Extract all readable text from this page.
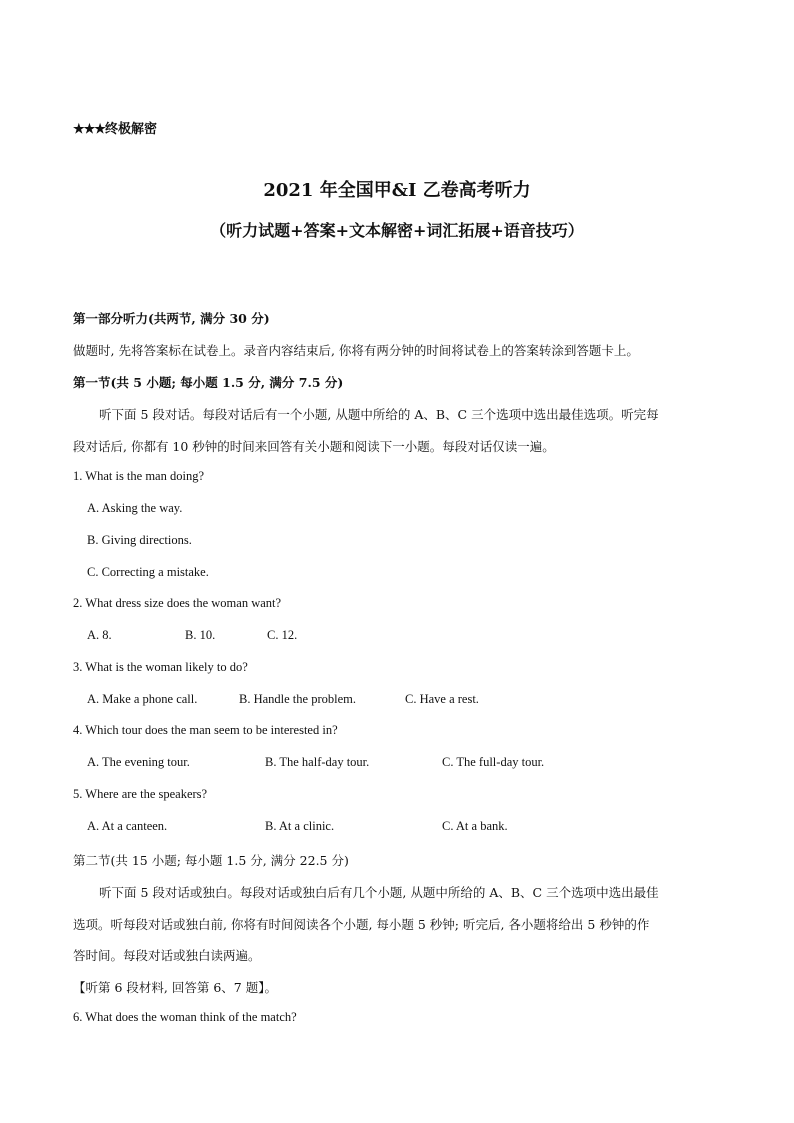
★★★终极解密
2021 年全国甲&I 乙卷高考听力
（听力试题+答案+文本解密+词汇拓展+语音技巧）
第一部分听力(共两节, 满分 30 分)
做题时, 先将答案标在试卷上。录音内容结束后, 你将有两分钟的时间将试卷上的答案转涂到答题卡上。
第一节(共 5 小题; 每小题 1.5 分, 满分 7.5 分)
听下面 5 段对话。每段对话后有一个小题, 从题中所给的 A、B、C 三个选项中选出最佳选项。听完每
段对话后, 你都有 10 秒钟的时间来回答有关小题和阅读下一小题。每段对话仅读一遍。
1. What is the man doing?
A. Asking the way.
B. Giving directions.
C. Correcting a mistake.
2. What dress size does the woman want?
A. 8.	B. 10.	C. 12.
3. What is the woman likely to do?
A. Make a phone call.	B. Handle the problem.	C. Have a rest.
4. Which tour does the man seem to be interested in?
A. The evening tour.	B. The half-day tour.	C. The full-day tour.
5. Where are the speakers?
A. At a canteen.	B. At a clinic.	C. At a bank.
第二节(共 15 小题; 每小题 1.5 分, 满分 22.5 分)
听下面 5 段对话或独白。每段对话或独白后有几个小题, 从题中所给的 A、B、C 三个选项中选出最佳
选项。听每段对话或独白前, 你将有时间阅读各个小题, 每小题 5 秒钟; 听完后, 各小题将给出 5 秒钟的作
答时间。每段对话或独白读两遍。
【听第 6 段材料, 回答第 6、7 题】。
6. What does the woman think of the match?
